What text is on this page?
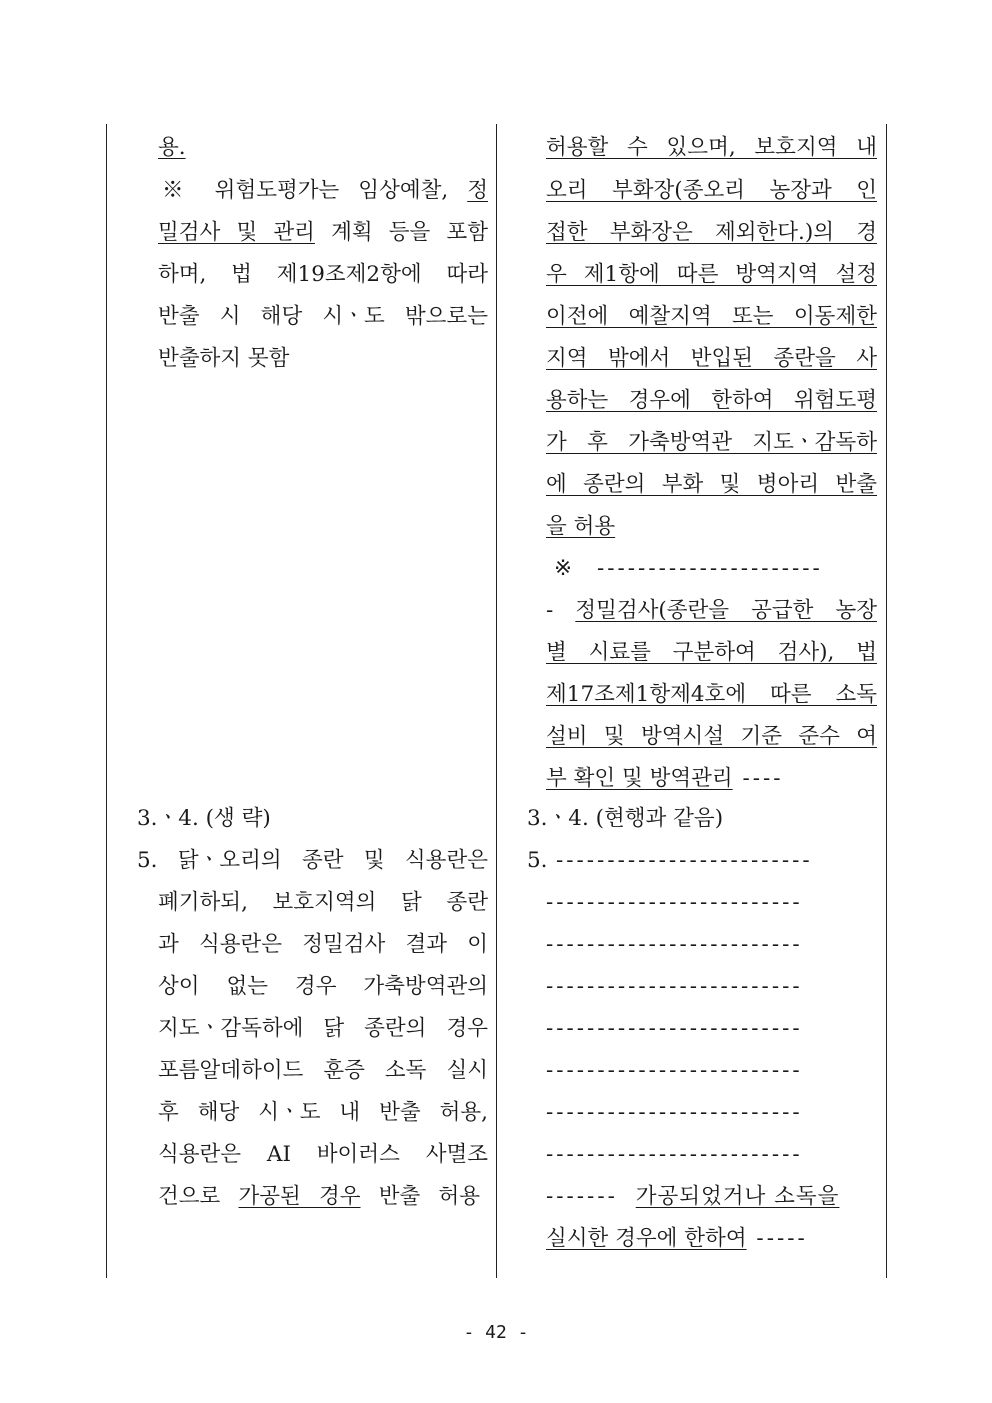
용.
※ 위험도평가는 임상예찰, 정
밀검사 및 관리 계획 등을 포함
하며, 법 제19조제2항에 따라
반출 시 해당 시ㆍ도 밖으로는
반출하지 못함
3.ㆍ4. (생 략)
5. 닭ㆍ오리의 종란 및 식용란은
폐기하되, 보호지역의 닭 종란
과 식용란은 정밀검사 결과 이
상이 없는 경우 가축방역관의
지도ㆍ감독하에 닭 종란의 경우
포름알데하이드 훈증 소독 실시
후 해당 시ㆍ도 내 반출 허용,
식용란은 AI 바이러스 사멸조
건으로 가공된 경우 반출 허용
허용할 수 있으며, 보호지역 내
오리 부화장(종오리 농장과 인
접한 부화장은 제외한다.)의 경
우 제1항에 따른 방역지역 설정
이전에 예찰지역 또는 이동제한
지역 밖에서 반입된 종란을 사
용하는 경우에 한하여 위험도평
가 후 가축방역관 지도ㆍ감독하
에 종란의 부화 및 병아리 반출
을 허용
※ ----------------------
- 정밀검사(종란을 공급한 농장
별 시료를 구분하여 검사), 법
제17조제1항제4호에 따른 소독
설비 및 방역시설 기준 준수 여
부 확인 및 방역관리 ----
3.ㆍ4. (현행과 같음)
5. -------------------------
-------------------------
-------------------------
-------------------------
-------------------------
-------------------------
-------------------------
-------------------------
------- 가공되었거나 소독을
실시한 경우에 한하여 -----
- 42 -
